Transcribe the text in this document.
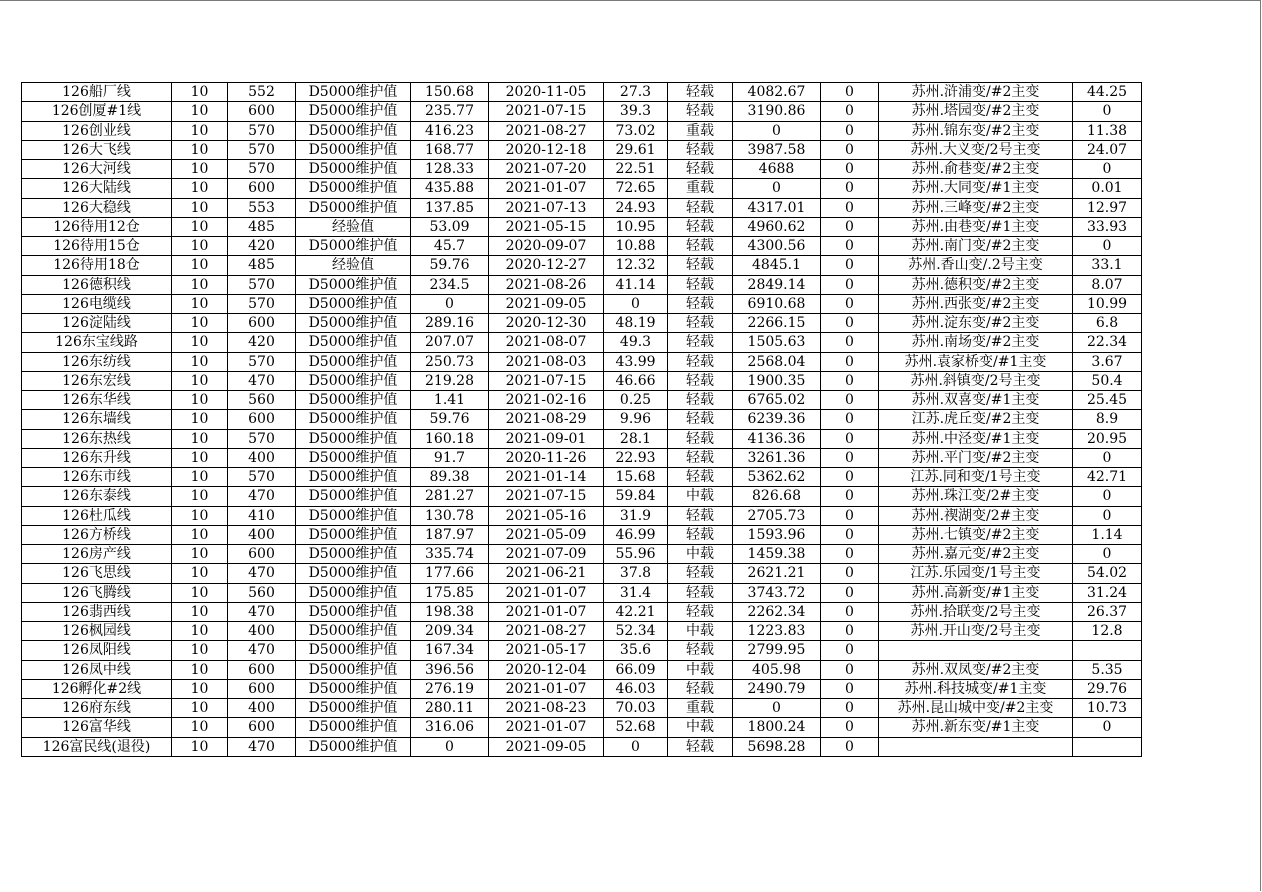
126船厂线	10	552	D5000维护值	150.68	2020-11-05	27.3	轻载	4082.67	0	苏州.浒浦变/#2主变	44.25
126创厦#1线	10	600	D5000维护值	235.77	2021-07-15	39.3	轻载	3190.86	0	苏州.塔园变/#2主变	0
126创业线	10	570	D5000维护值	416.23	2021-08-27	73.02	重载	0	0	苏州.锦东变/#2主变	11.38
126大飞线	10	570	D5000维护值	168.77	2020-12-18	29.61	轻载	3987.58	0	苏州.大义变/2号主变	24.07
126大河线	10	570	D5000维护值	128.33	2021-07-20	22.51	轻载	4688	0	苏州.俞巷变/#2主变	0
126大陆线	10	600	D5000维护值	435.88	2021-01-07	72.65	重载	0	0	苏州.大同变/#1主变	0.01
126大稳线	10	553	D5000维护值	137.85	2021-07-13	24.93	轻载	4317.01	0	苏州.三峰变/#2主变	12.97
126待用12仓	10	485	经验值	53.09	2021-05-15	10.95	轻载	4960.62	0	苏州.由巷变/#1主变	33.93
126待用15仓	10	420	D5000维护值	45.7	2020-09-07	10.88	轻载	4300.56	0	苏州.南门变/#2主变	0
126待用18仓	10	485	经验值	59.76	2020-12-27	12.32	轻载	4845.1	0	苏州.香山变/.2号主变	33.1
126德积线	10	570	D5000维护值	234.5	2021-08-26	41.14	轻载	2849.14	0	苏州.德积变/#2主变	8.07
126电缆线	10	570	D5000维护值	0	2021-09-05	0	轻载	6910.68	0	苏州.西张变/#2主变	10.99
126淀陆线	10	600	D5000维护值	289.16	2020-12-30	48.19	轻载	2266.15	0	苏州.淀东变/#2主变	6.8
126东宝线路	10	420	D5000维护值	207.07	2021-08-07	49.3	轻载	1505.63	0	苏州.南场变/#2主变	22.34
126东纺线	10	570	D5000维护值	250.73	2021-08-03	43.99	轻载	2568.04	0	苏州.袁家桥变/#1主变	3.67
126东宏线	10	470	D5000维护值	219.28	2021-07-15	46.66	轻载	1900.35	0	苏州.斜镇变/2号主变	50.4
126东华线	10	560	D5000维护值	1.41	2021-02-16	0.25	轻载	6765.02	0	苏州.双喜变/#1主变	25.45
126东墙线	10	600	D5000维护值	59.76	2021-08-29	9.96	轻载	6239.36	0	江苏.虎丘变/#2主变	8.9
126东热线	10	570	D5000维护值	160.18	2021-09-01	28.1	轻载	4136.36	0	苏州.中泾变/#1主变	20.95
126东升线	10	400	D5000维护值	91.7	2020-11-26	22.93	轻载	3261.36	0	苏州.平门变/#2主变	0
126东市线	10	570	D5000维护值	89.38	2021-01-14	15.68	轻载	5362.62	0	江苏.同和变/1号主变	42.71
126东泰线	10	470	D5000维护值	281.27	2021-07-15	59.84	中载	826.68	0	苏州.珠江变/2#主变	0
126杜瓜线	10	410	D5000维护值	130.78	2021-05-16	31.9	轻载	2705.73	0	苏州.禊湖变/2#主变	0
126方桥线	10	400	D5000维护值	187.97	2021-05-09	46.99	轻载	1593.96	0	苏州.七镇变/#2主变	1.14
126房产线	10	600	D5000维护值	335.74	2021-07-09	55.96	中载	1459.38	0	苏州.嘉元变/#2主变	0
126飞思线	10	470	D5000维护值	177.66	2021-06-21	37.8	轻载	2621.21	0	江苏.乐园变/1号主变	54.02
126飞腾线	10	560	D5000维护值	175.85	2021-01-07	31.4	轻载	3743.72	0	苏州.高新变/#1主变	31.24
126翡西线	10	470	D5000维护值	198.38	2021-01-07	42.21	轻载	2262.34	0	苏州.拾联变/2号主变	26.37
126枫园线	10	400	D5000维护值	209.34	2021-08-27	52.34	中载	1223.83	0	苏州.开山变/2号主变	12.8
126凤阳线	10	470	D5000维护值	167.34	2021-05-17	35.6	轻载	2799.95	0		
126凤中线	10	600	D5000维护值	396.56	2020-12-04	66.09	中载	405.98	0	苏州.双凤变/#2主变	5.35
126孵化#2线	10	600	D5000维护值	276.19	2021-01-07	46.03	轻载	2490.79	0	苏州.科技城变/#1主变	29.76
126府东线	10	400	D5000维护值	280.11	2021-08-23	70.03	重载	0	0	苏州.昆山城中变/#2主变	10.73
126富华线	10	600	D5000维护值	316.06	2021-01-07	52.68	中载	1800.24	0	苏州.新东变/#1主变	0
126富民线(退役)	10	470	D5000维护值	0	2021-09-05	0	轻载	5698.28	0		
